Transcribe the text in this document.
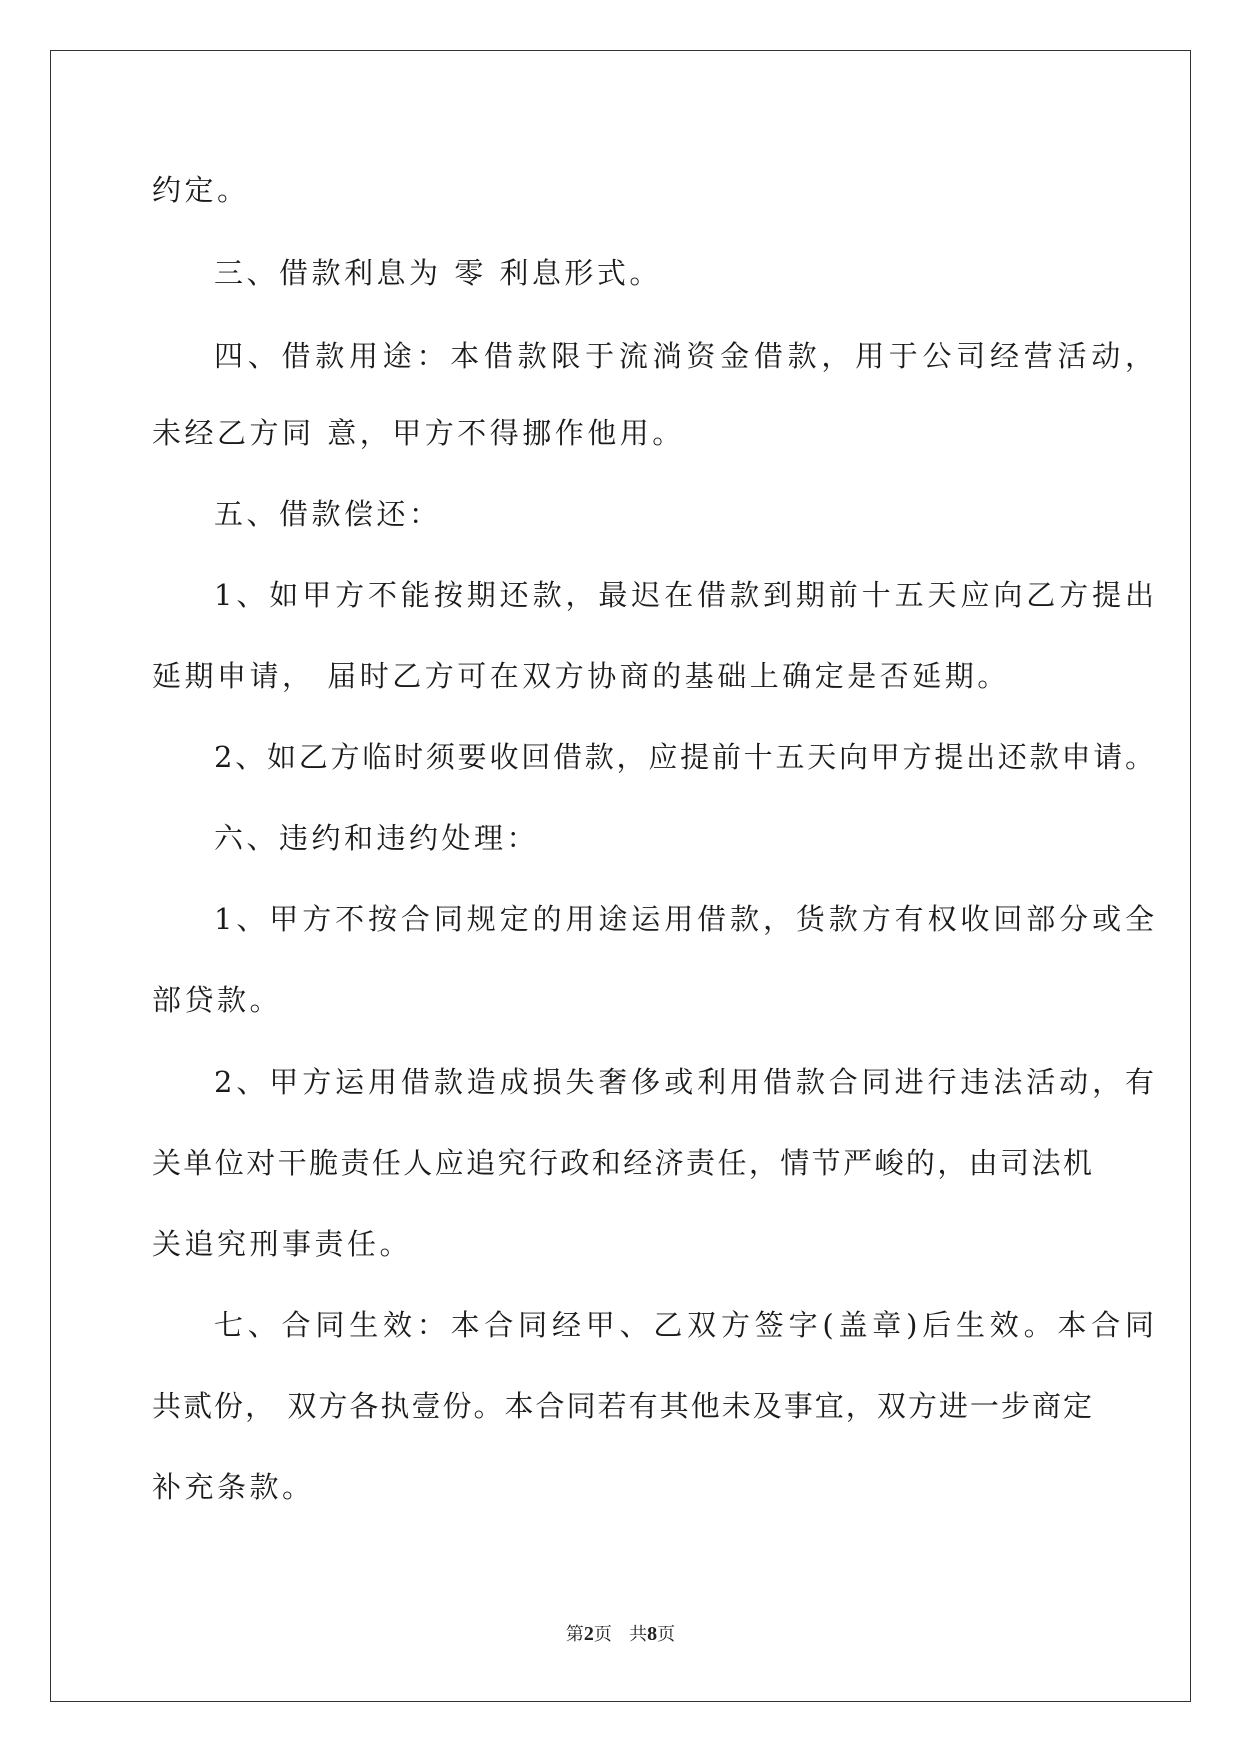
约定。
三、借款利息为 零 利息形式。
四、借款用途：本借款限于流淌资金借款，用于公司经营活动，
未经乙方同 意，甲方不得挪作他用。
五、借款偿还：
1、如甲方不能按期还款，最迟在借款到期前十五天应向乙方提出
延期申请， 届时乙方可在双方协商的基础上确定是否延期。
2、如乙方临时须要收回借款，应提前十五天向甲方提出还款申请。
六、违约和违约处理：
1、甲方不按合同规定的用途运用借款，货款方有权收回部分或全
部贷款。
2、甲方运用借款造成损失奢侈或利用借款合同进行违法活动，有
关单位对干脆责任人应追究行政和经济责任，情节严峻的，由司法机
关追究刑事责任。
七、合同生效：本合同经甲、乙双方签字(盖章)后生效。本合同
共贰份， 双方各执壹份。本合同若有其他未及事宜，双方进一步商定
补充条款。
第2页 共8页
